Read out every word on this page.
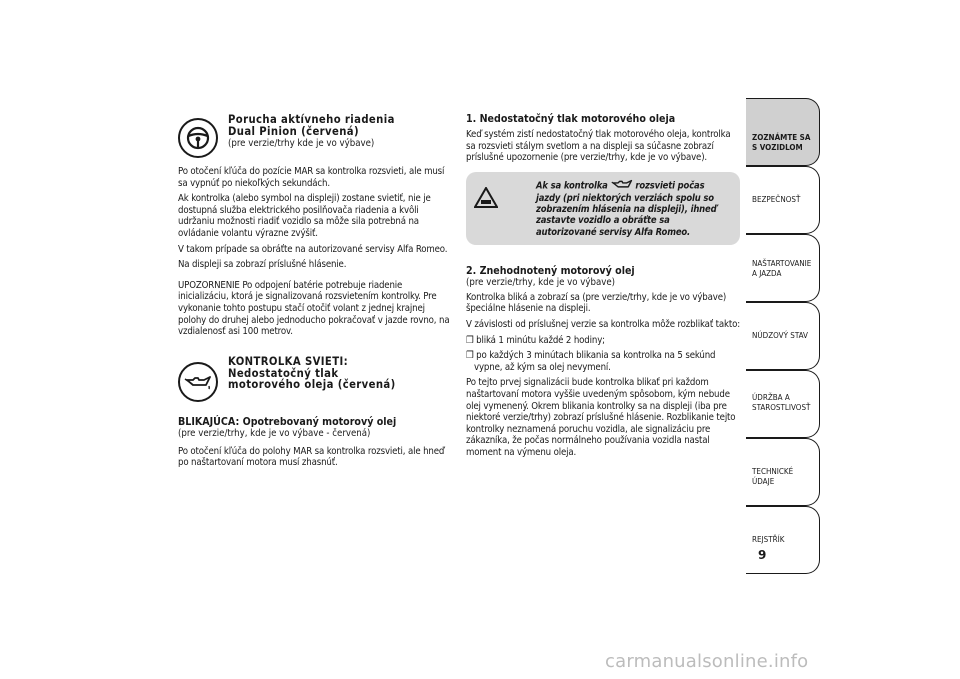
Porucha aktívneho riadenia
Dual Pinion (červená)
(pre verzie/trhy kde je vo výbave)

Po otočení kľúča do pozície MAR sa kontrolka rozsvieti, ale musí sa vypnúť po niekoľkých sekundách.

Ak kontrolka (alebo symbol na displeji) zostane svietiť, nie je dostupná služba elektrického posilňovača riadenia a kvôli udržaniu možnosti riadiť vozidlo sa môže sila potrebná na ovládanie volantu výrazne zvýšiť.

V takom prípade sa obráťte na autorizované servisy Alfa Romeo.

Na displeji sa zobrazí príslušné hlásenie.

UPOZORNENIE Po odpojení batérie potrebuje riadenie inicializáciu, ktorá je signalizovaná rozsvietením kontrolky. Pre vykonanie tohto postupu stačí otočiť volant z jednej krajnej polohy do druhej alebo jednoducho pokračovať v jazde rovno, na vzdialenosť asi 100 metrov.

KONTROLKA SVIETI:
Nedostatočný tlak
motorového oleja (červená)
BLIKAJÚCA: Opotrebovaný motorový olej
(pre verzie/trhy, kde je vo výbave - červená)

Po otočení kľúča do polohy MAR sa kontrolka rozsvieti, ale hneď po naštartovaní motora musí zhasnúť.

1. Nedostatočný tlak motorového oleja

Keď systém zistí nedostatočný tlak motorového oleja, kontrolka sa rozsvieti stálym svetlom a na displeji sa súčasne zobrazí príslušné upozornenie (pre verzie/trhy, kde je vo výbave).

Ak sa kontrolka	rozsvieti počas jazdy (pri niektorých verziách spolu so zobrazením hlásenia na displeji), ihneď zastavte vozidlo a obráťte sa autorizované servisy Alfa Romeo.

2. Znehodnotený motorový olej
(pre verzie/trhy, kde je vo výbave)

Kontrolka bliká a zobrazí sa (pre verzie/trhy, kde je vo výbave) špeciálne hlásenie na displeji.

V závislosti od príslušnej verzie sa kontrolka môže rozblikať takto:

❒ bliká 1 minútu každé 2 hodiny;

❒ po každých 3 minútach blikania sa kontrolka na 5 sekúnd vypne, až kým sa olej nevymení.

Po tejto prvej signalizácii bude kontrolka blikať pri každom naštartovaní motora vyššie uvedeným spôsobom, kým nebude olej vymenený. Okrem blikania kontrolky sa na displeji (iba pre niektoré verzie/trhy) zobrazí príslušné hlásenie. Rozblikanie tejto kontrolky neznamená poruchu vozidla, ale signalizáciu pre zákazníka, že počas normálneho používania vozidla nastal moment na výmenu oleja.

ZOZNÁMTE SA S VOZIDLOM
BEZPEČNOSŤ
NAŠTARTOVANIE A JAZDA
NÚDZOVÝ STAV
ÚDRŽBA A STAROSTLIVOSŤ
TECHNICKÉ ÚDAJE
REJSTŘÍK
9
carmanualsonline.info
